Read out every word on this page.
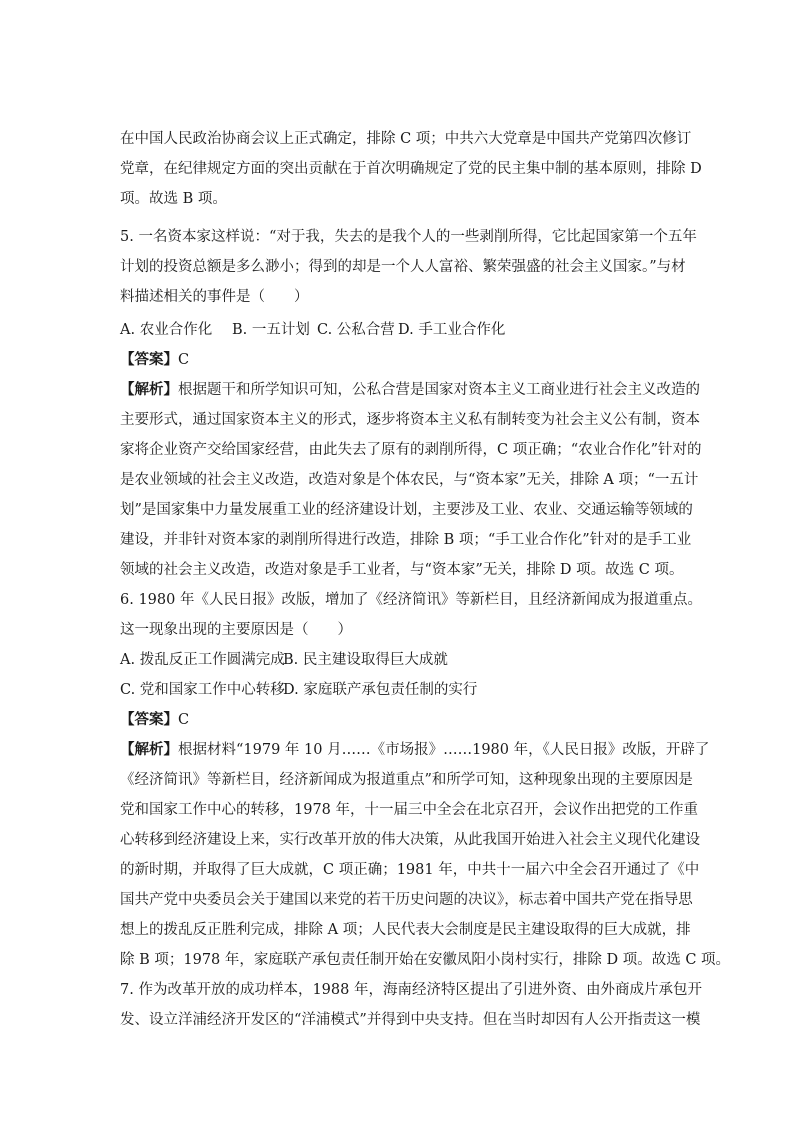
在中国人民政治协商会议上正式确定，排除 C 项；中共六大党章是中国共产党第四次修订
党章，在纪律规定方面的突出贡献在于首次明确规定了党的民主集中制的基本原则，排除 D
项。故选 B 项。
5. 一名资本家这样说：“对于我，失去的是我个人的一些剥削所得，它比起国家第一个五年
计划的投资总额是多么渺小；得到的却是一个人人富裕、繁荣强盛的社会主义国家。”与材
料描述相关的事件是（　　）
A. 农业合作化 B. 一五计划 C. 公私合营 D. 手工业合作化
【答案】C
【解析】根据题干和所学知识可知，公私合营是国家对资本主义工商业进行社会主义改造的
主要形式，通过国家资本主义的形式，逐步将资本主义私有制转变为社会主义公有制，资本
家将企业资产交给国家经营，由此失去了原有的剥削所得，C 项正确；“农业合作化”针对的
是农业领域的社会主义改造，改造对象是个体农民，与“资本家”无关，排除 A 项；“一五计
划”是国家集中力量发展重工业的经济建设计划，主要涉及工业、农业、交通运输等领域的
建设，并非针对资本家的剥削所得进行改造，排除 B 项；“手工业合作化”针对的是手工业
领域的社会主义改造，改造对象是手工业者，与“资本家”无关，排除 D 项。故选 C 项。
6. 1980 年《人民日报》改版，增加了《经济简讯》等新栏目，且经济新闻成为报道重点。
这一现象出现的主要原因是（　　）
A. 拨乱反正工作圆满完成
B. 民主建设取得巨大成就
C. 党和国家工作中心转移
D. 家庭联产承包责任制的实行
【答案】C
【解析】根据材料“1979 年 10 月……《市场报》……1980 年，《人民日报》改版，开辟了
《经济简讯》等新栏目，经济新闻成为报道重点”和所学可知，这种现象出现的主要原因是
党和国家工作中心的转移，1978 年，十一届三中全会在北京召开，会议作出把党的工作重
心转移到经济建设上来，实行改革开放的伟大决策，从此我国开始进入社会主义现代化建设
的新时期，并取得了巨大成就，C 项正确；1981 年，中共十一届六中全会召开通过了《中
国共产党中央委员会关于建国以来党的若干历史问题的决议》，标志着中国共产党在指导思
想上的拨乱反正胜利完成，排除 A 项；人民代表大会制度是民主建设取得的巨大成就，排
除 B 项；1978 年，家庭联产承包责任制开始在安徽凤阳小岗村实行，排除 D 项。故选 C 项。
7. 作为改革开放的成功样本，1988 年，海南经济特区提出了引进外资、由外商成片承包开
发、设立洋浦经济开发区的“洋浦模式”并得到中央支持。但在当时却因有人公开指责这一模
